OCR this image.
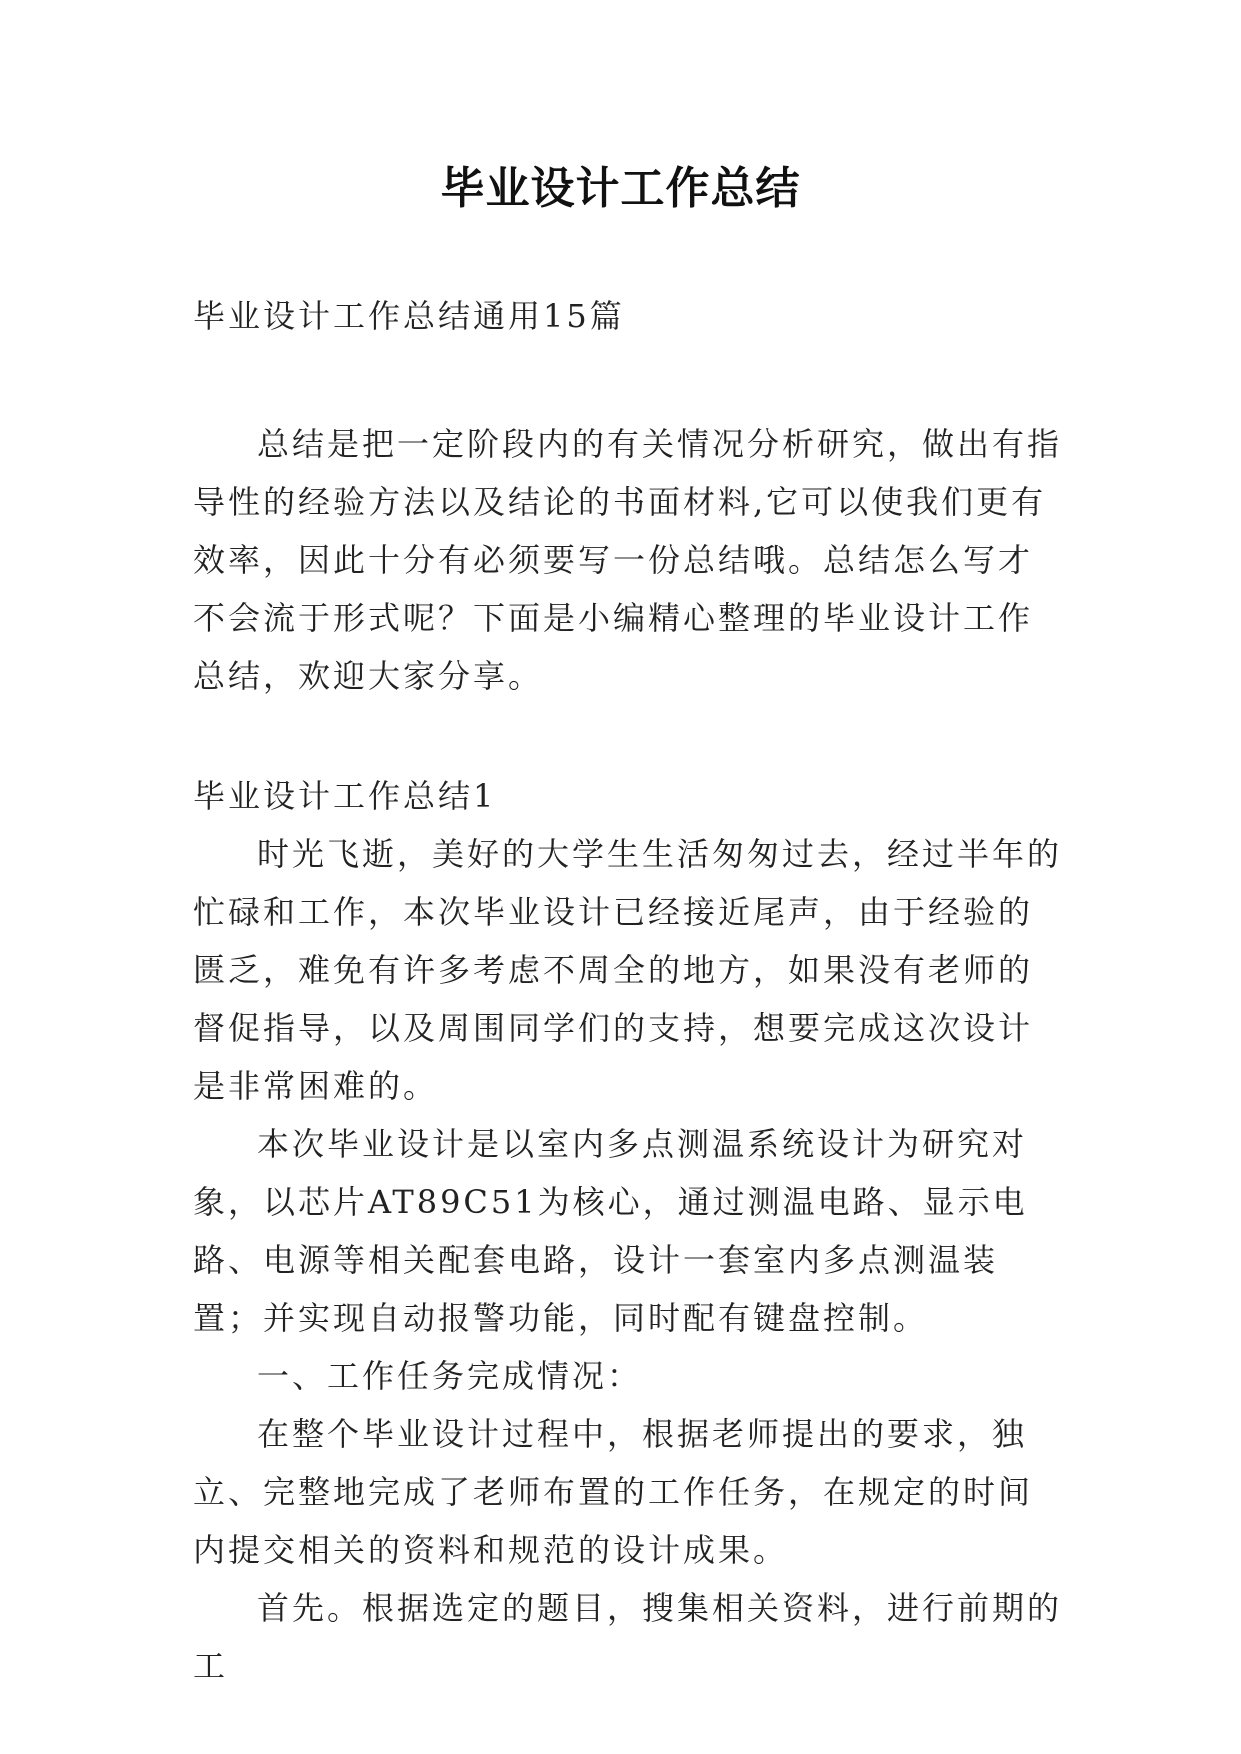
毕业设计工作总结

毕业设计工作总结通用15篇

总结是把一定阶段内的有关情况分析研究，做出有指导性的经验方法以及结论的书面材料,它可以使我们更有效率，因此十分有必须要写一份总结哦。总结怎么写才不会流于形式呢？下面是小编精心整理的毕业设计工作总结，欢迎大家分享。

毕业设计工作总结1

时光飞逝，美好的大学生生活匆匆过去，经过半年的忙碌和工作，本次毕业设计已经接近尾声，由于经验的匮乏，难免有许多考虑不周全的地方，如果没有老师的督促指导，以及周围同学们的支持，想要完成这次设计是非常困难的。

本次毕业设计是以室内多点测温系统设计为研究对象，以芯片AT89C51为核心，通过测温电路、显示电路、电源等相关配套电路，设计一套室内多点测温装置；并实现自动报警功能，同时配有键盘控制。

一、工作任务完成情况：

在整个毕业设计过程中，根据老师提出的要求，独立、完整地完成了老师布置的工作任务，在规定的时间内提交相关的资料和规范的设计成果。

首先。根据选定的题目，搜集相关资料，进行前期的工
